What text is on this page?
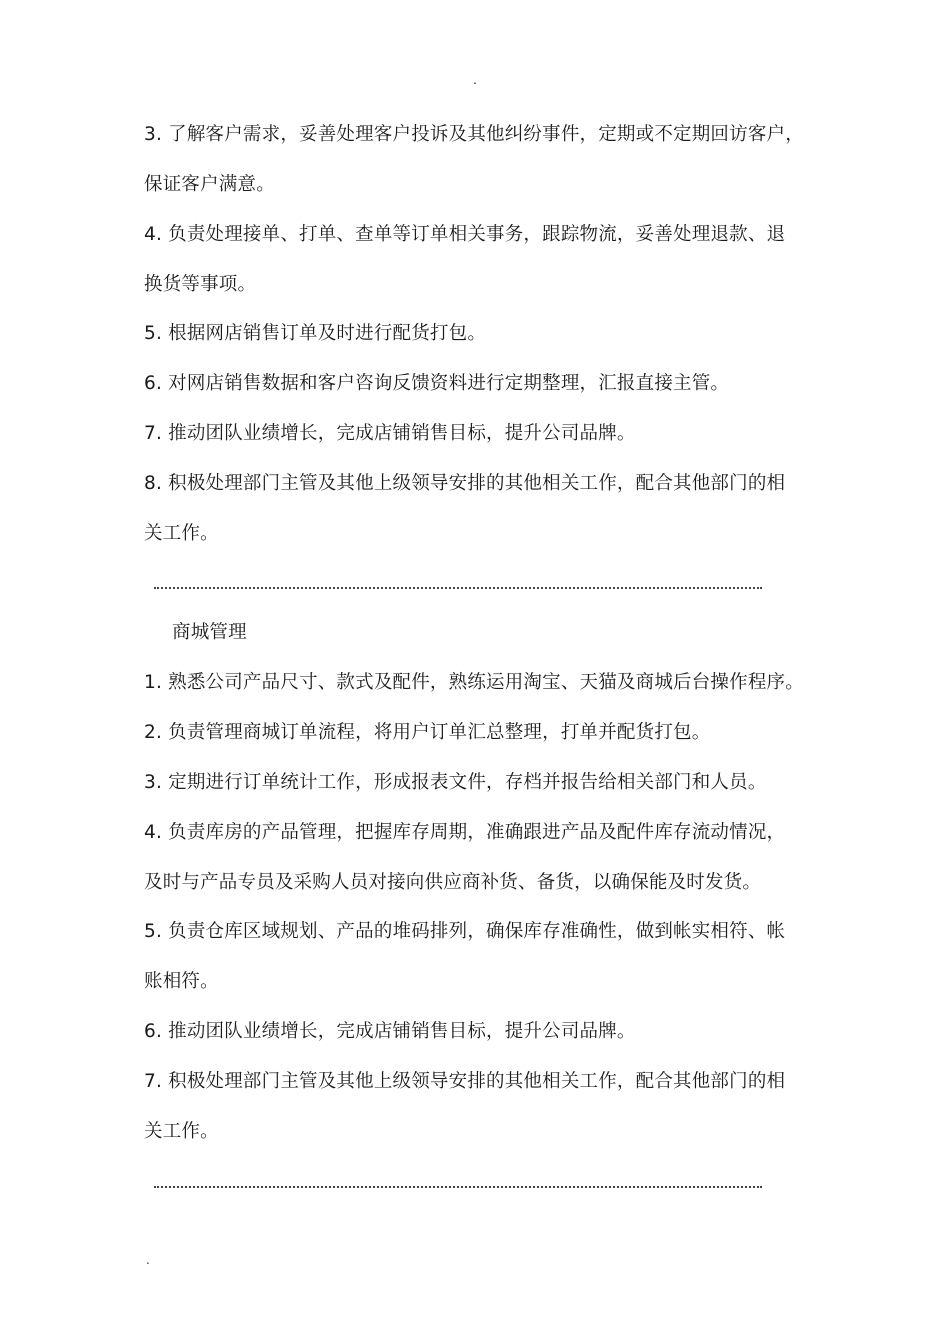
.
3. 了解客户需求，妥善处理客户投诉及其他纠纷事件，定期或不定期回访客户，
保证客户满意。
4. 负责处理接单、打单、查单等订单相关事务，跟踪物流，妥善处理退款、退
换货等事项。
5. 根据网店销售订单及时进行配货打包。
6. 对网店销售数据和客户咨询反馈资料进行定期整理，汇报直接主管。
7. 推动团队业绩增长，完成店铺销售目标，提升公司品牌。
8. 积极处理部门主管及其他上级领导安排的其他相关工作，配合其他部门的相
关工作。
商城管理
1. 熟悉公司产品尺寸、款式及配件，熟练运用淘宝、天猫及商城后台操作程序。
2. 负责管理商城订单流程，将用户订单汇总整理，打单并配货打包。
3. 定期进行订单统计工作，形成报表文件，存档并报告给相关部门和人员。
4. 负责库房的产品管理，把握库存周期，准确跟进产品及配件库存流动情况，
及时与产品专员及采购人员对接向供应商补货、备货，以确保能及时发货。
5. 负责仓库区域规划、产品的堆码排列，确保库存准确性，做到帐实相符、帐
账相符。
6. 推动团队业绩增长，完成店铺销售目标，提升公司品牌。
7. 积极处理部门主管及其他上级领导安排的其他相关工作，配合其他部门的相
关工作。
.
